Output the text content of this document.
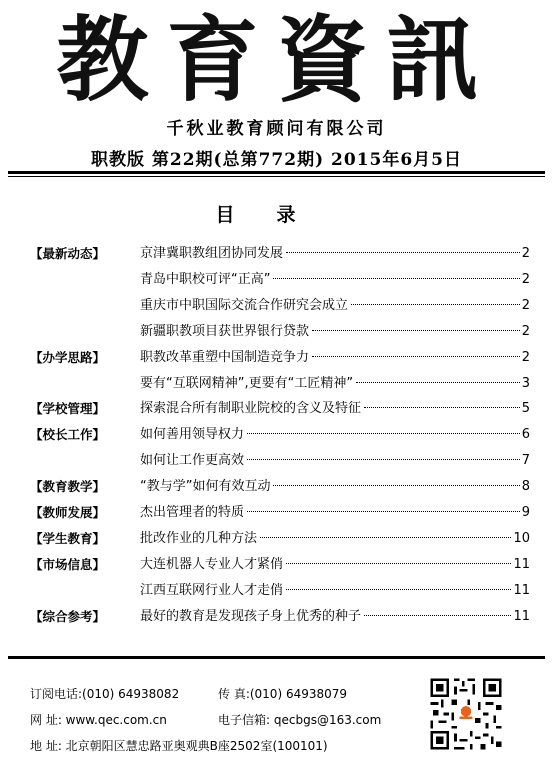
教育資訊
千秋业教育顾问有限公司
职教版 第22期(总第772期) 2015年6月5日
目录
【最新动态】	京津冀职教组团协同发展	2
青岛中职校可评“正高”	2
重庆市中职国际交流合作研究会成立	2
新疆职教项目获世界银行贷款	2
【办学思路】	职教改革重塑中国制造竞争力	2
要有“互联网精神”,更要有“工匠精神”	3
【学校管理】	探索混合所有制职业院校的含义及特征	5
【校长工作】	如何善用领导权力	6
如何让工作更高效	7
【教育教学】	“教与学”如何有效互动	8
【教师发展】	杰出管理者的特质	9
【学生教育】	批改作业的几种方法	10
【市场信息】	大连机器人专业人才紧俏	11
江西互联网行业人才走俏	11
【综合参考】	最好的教育是发现孩子身上优秀的种子	11
订阅电话:(010) 64938082	传 真:(010) 64938079
网 址: www.qec.com.cn	电子信箱: qecbgs@163.com
地 址: 北京朝阳区慧忠路亚奥观典B座2502室(100101)
